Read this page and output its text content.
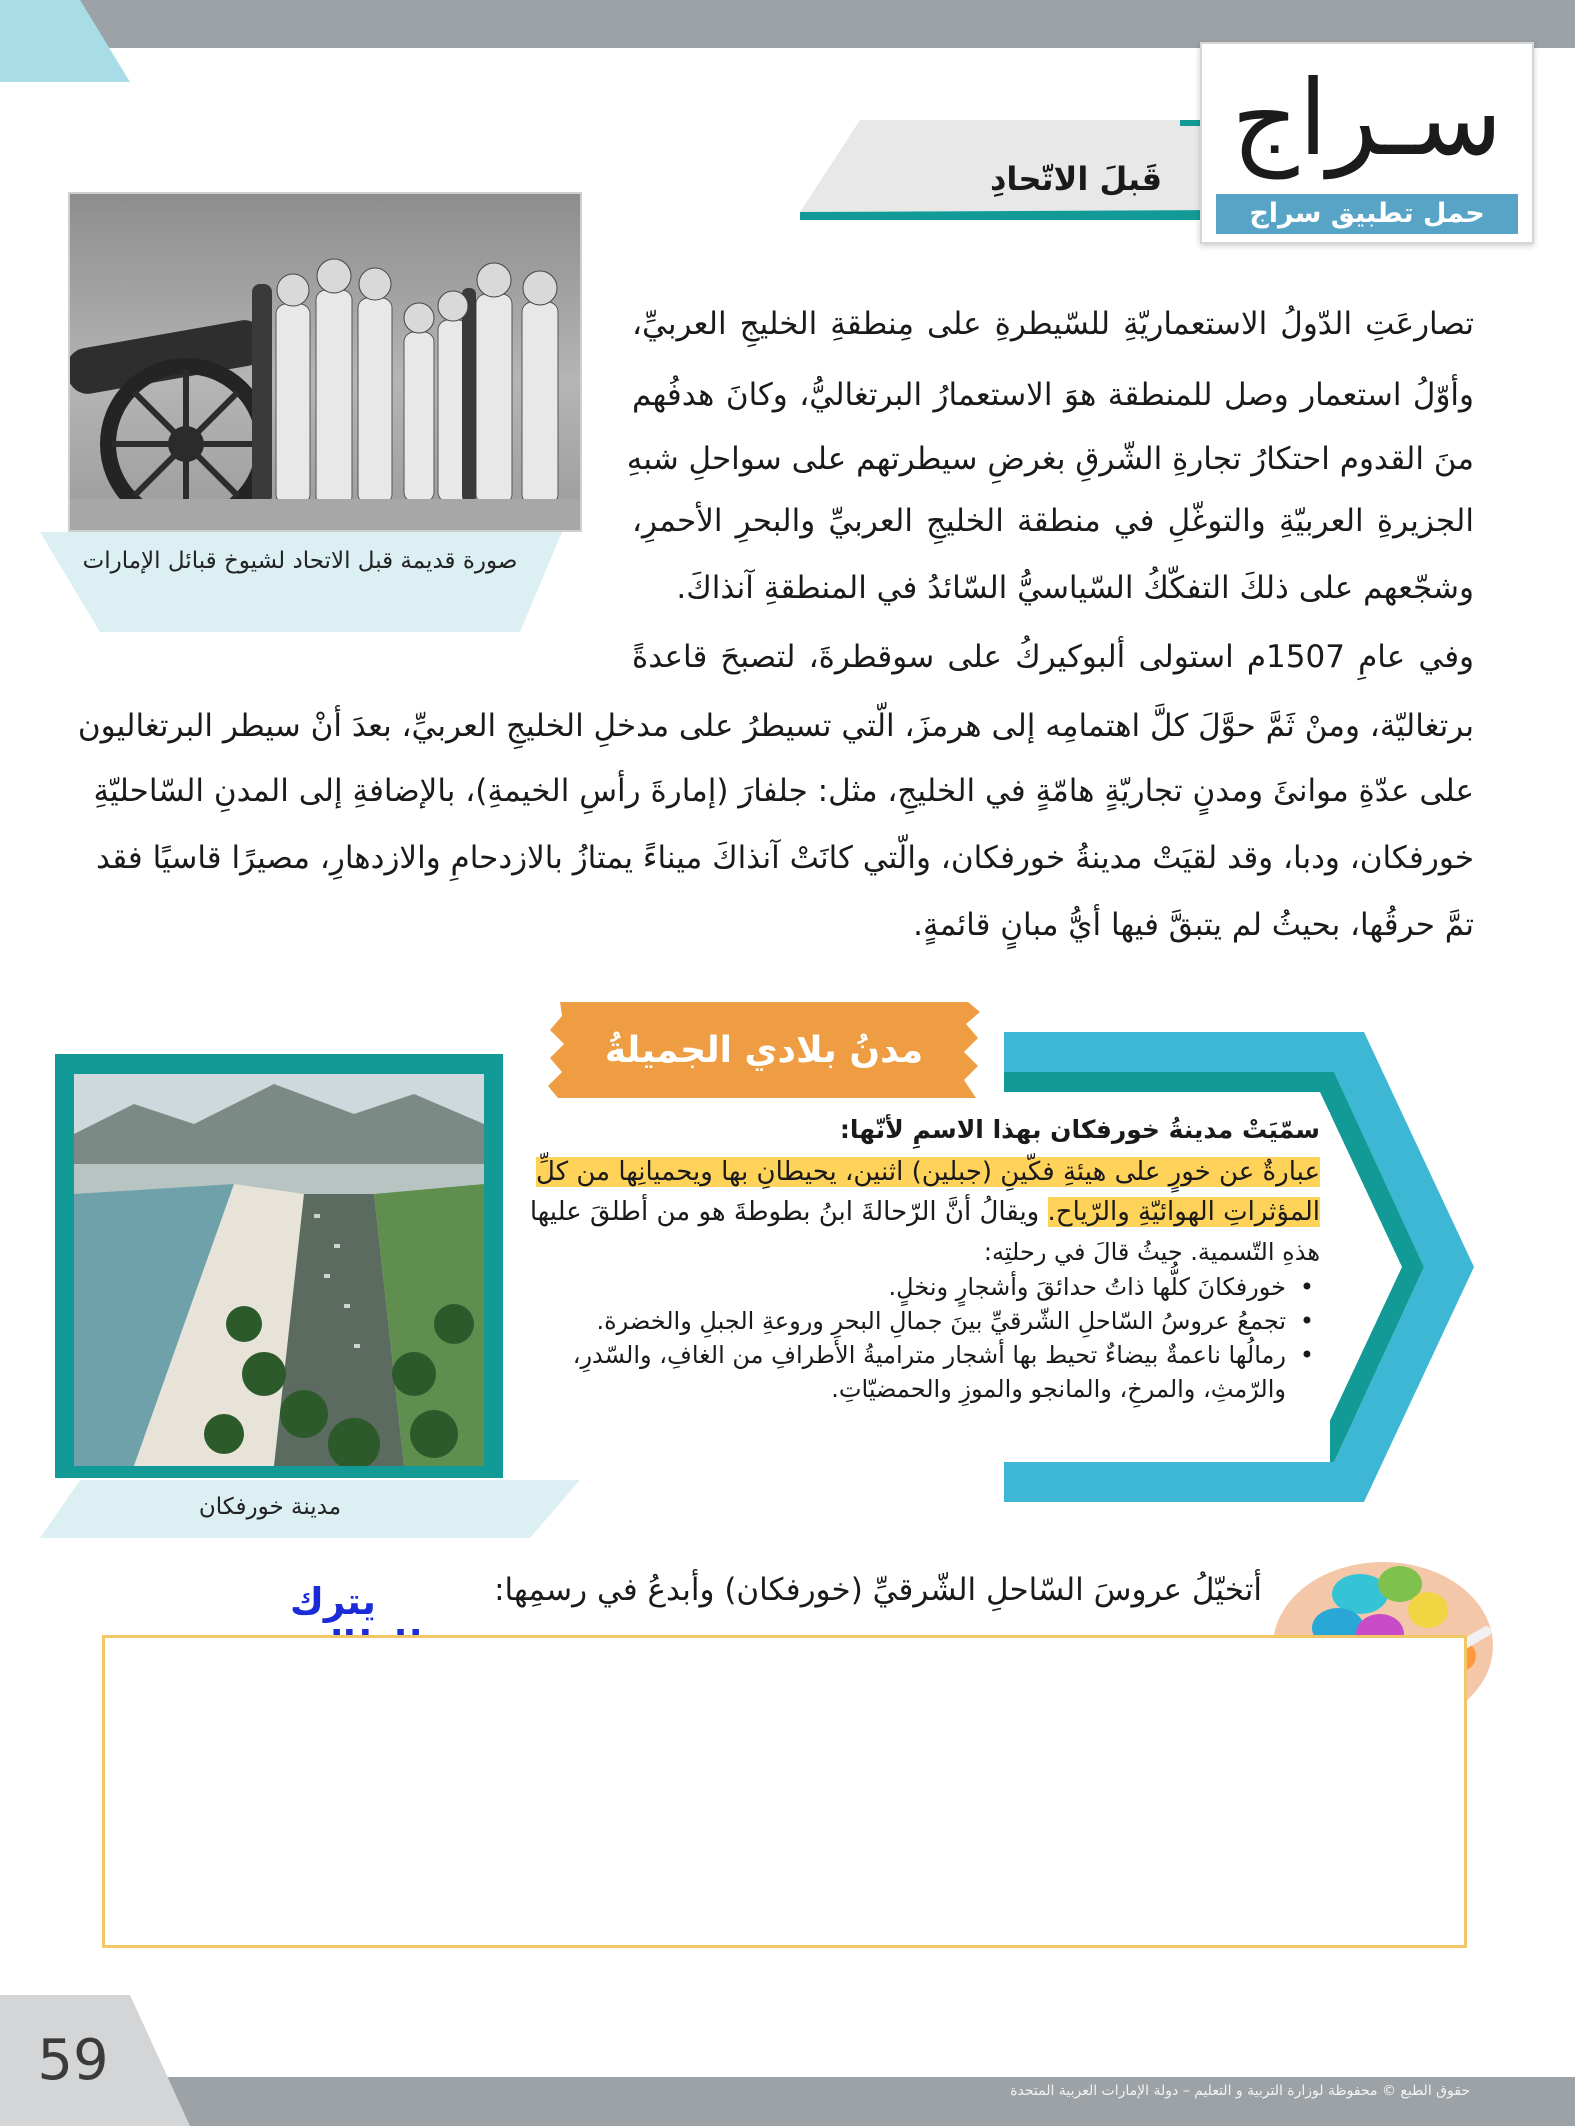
قَبلَ الاتّحادِ سـراج
حمل تطبيق سراج
صورة قديمة قبل الاتحاد لشيوخ قبائل الإمارات
تصارعَتِ الدّولُ الاستعماريّةِ للسّيطرةِ على مِنطقةِ الخليجِ العربيِّ،
وأوّلُ استعمار وصل للمنطقة هوَ الاستعمارُ البرتغاليُّ، وكانَ هدفُهم
منَ القدوم احتكارُ تجارةِ الشّرقِ بغرضِ سيطرتهم على سواحلِ شبهِ
الجزيرةِ العربيّةِ والتوغّلِ في منطقة الخليجِ العربيِّ والبحرِ الأحمرِ،
وشجّعهم على ذلكَ التفكّكُ السّياسيُّ السّائدُ في المنطقةِ آنذاكَ.
وفي عامِ 1507م استولى ألبوكيركُ على سوقطرةَ، لتصبحَ قاعدةً
برتغاليّة، ومنْ ثَمَّ حوَّلَ كلَّ اهتمامِه إلى هرمزَ، الّتي تسيطرُ على مدخلِ الخليجِ العربيِّ، بعدَ أنْ سيطر البرتغاليون
على عدّةِ موانئَ ومدنٍ تجاريّةٍ هامّةٍ في الخليجِ، مثل: جلفارَ (إمارةَ رأسِ الخيمةِ)، بالإضافةِ إلى المدنِ السّاحليّةِ
خورفكان، ودبا، وقد لقيَتْ مدينةُ خورفكان، والّتي كانَتْ آنذاكَ ميناءً يمتازُ بالازدحامِ والازدهارِ، مصيرًا قاسيًا فقد
تمَّ حرقُها، بحيثُ لم يتبقَّ فيها أيُّ مبانٍ قائمةٍ.
مدنُ بلادي الجميلةُ
مدينة خورفكان
سمّيَتْ مدينةُ خورفكان بهذا الاسمِ لأنّها:
عبارةٌ عن خورٍ على هيئةِ فكّينِ (جبلين) اثنين، يحيطانِ بها ويحميانِها من كلِّ
المؤثراتِ الهوائيّةِ والرّياح. ويقالُ أنَّ الرّحالةَ ابنُ بطوطةَ هو من أطلقَ عليها
هذهِ التّسمية. حيثُ قالَ في رحلتِه:
• خورفكانَ كلُّها ذاتُ حدائقَ وأشجارٍ ونخلٍ.
• تجمعُ عروسُ السّاحلِ الشّرقيِّ بينَ جمالِ البحرِ وروعةِ الجبلِ والخضرة.
• رمالُها ناعمةٌ بيضاءٌ تحيط بها أشجار متراميةُ الأطرافِ من الغافِ، والسّدرِ، والرّمثِ، والمرخِ، والمانجو والموزِ والحمضيّاتِ.
أتخيّلُ عروسَ السّاحلِ الشّرقيِّ (خورفكان) وأبدعُ في رسمِها:
يترك
59	حقوق الطبع © محفوظة لوزارة التربية و التعليم – دولة الإمارات العربية المتحدة
